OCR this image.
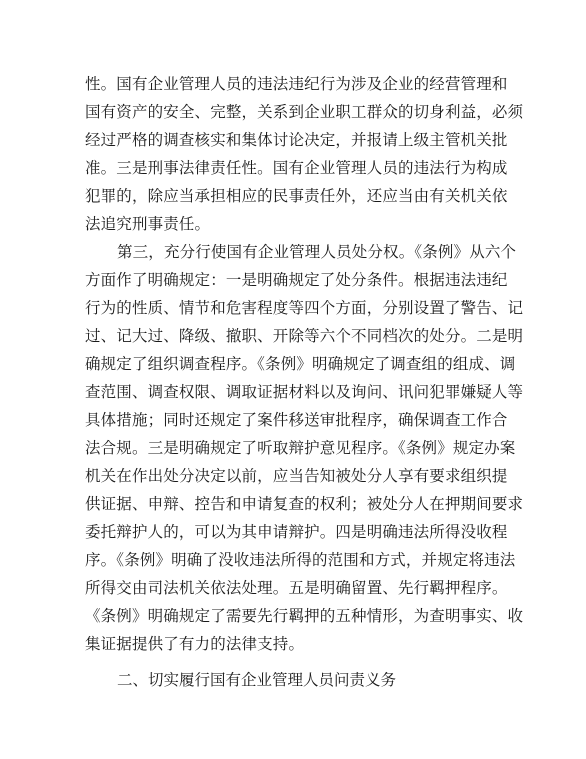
性。国有企业管理人员的违法违纪行为涉及企业的经营管理和
国有资产的安全、完整，关系到企业职工群众的切身利益，必须
经过严格的调查核实和集体讨论决定，并报请上级主管机关批
准。三是刑事法律责任性。国有企业管理人员的违法行为构成
犯罪的，除应当承担相应的民事责任外，还应当由有关机关依
法追究刑事责任。
第三，充分行使国有企业管理人员处分权。《条例》从六个
方面作了明确规定：一是明确规定了处分条件。根据违法违纪
行为的性质、情节和危害程度等四个方面，分别设置了警告、记
过、记大过、降级、撤职、开除等六个不同档次的处分。二是明
确规定了组织调查程序。《条例》明确规定了调查组的组成、调
查范围、调查权限、调取证据材料以及询问、讯问犯罪嫌疑人等
具体措施；同时还规定了案件移送审批程序，确保调查工作合
法合规。三是明确规定了听取辩护意见程序。《条例》规定办案
机关在作出处分决定以前，应当告知被处分人享有要求组织提
供证据、申辩、控告和申请复查的权利；被处分人在押期间要求
委托辩护人的，可以为其申请辩护。四是明确违法所得没收程
序。《条例》明确了没收违法所得的范围和方式，并规定将违法
所得交由司法机关依法处理。五是明确留置、先行羁押程序。
《条例》明确规定了需要先行羁押的五种情形，为查明事实、收
集证据提供了有力的法律支持。
二、切实履行国有企业管理人员问责义务
